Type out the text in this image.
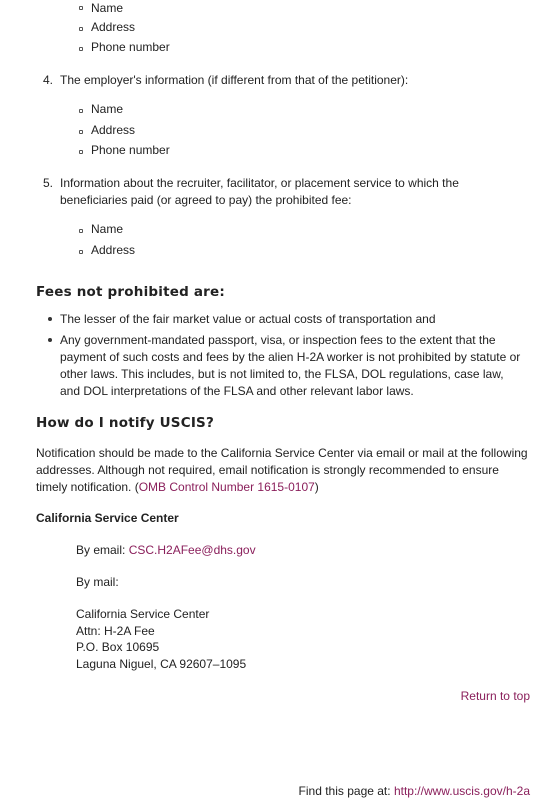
Name
Address
Phone number
4. The employer's information (if different from that of the petitioner):
Name
Address
Phone number
5. Information about the recruiter, facilitator, or placement service to which the
beneficiaries paid (or agreed to pay) the prohibited fee:
Name
Address
Fees not prohibited are:
The lesser of the fair market value or actual costs of transportation and
Any government-mandated passport, visa, or inspection fees to the extent that the
payment of such costs and fees by the alien H-2A worker is not prohibited by statute or
other laws. This includes, but is not limited to, the FLSA, DOL regulations, case law,
and DOL interpretations of the FLSA and other relevant labor laws.
How do I notify USCIS?
Notification should be made to the California Service Center via email or mail at the following
addresses. Although not required, email notification is strongly recommended to ensure
timely notification. (OMB Control Number 1615-0107)
California Service Center
By email: CSC.H2AFee@dhs.gov
By mail:
California Service Center
Attn: H-2A Fee
P.O. Box 10695
Laguna Niguel, CA 92607–1095
Return to top
Find this page at: http://www.uscis.gov/h-2a
